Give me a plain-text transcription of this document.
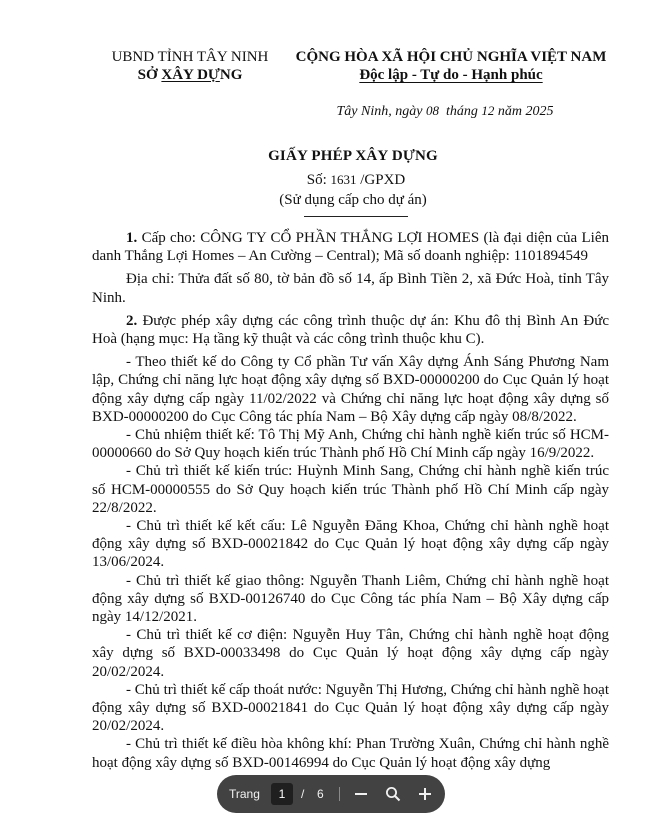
UBND TỈNH TÂY NINH
SỞ XÂY DỰNG
CỘNG HÒA XÃ HỘI CHỦ NGHĨA VIỆT NAM
Độc lập - Tự do - Hạnh phúc
Tây Ninh, ngày 08 tháng 12 năm 2025
GIẤY PHÉP XÂY DỰNG
Số: 1631 /GPXD
(Sử dụng cấp cho dự án)

1. Cấp cho: CÔNG TY CỔ PHẦN THẮNG LỢI HOMES (là đại diện của Liên danh Thắng Lợi Homes – An Cường – Central); Mã số doanh nghiệp: 1101894549

Địa chỉ: Thửa đất số 80, tờ bản đồ số 14, ấp Bình Tiền 2, xã Đức Hoà, tỉnh Tây Ninh.

2. Được phép xây dựng các công trình thuộc dự án: Khu đô thị Bình An Đức Hoà (hạng mục: Hạ tầng kỹ thuật và các công trình thuộc khu C).

- Theo thiết kế do Công ty Cổ phần Tư vấn Xây dựng Ánh Sáng Phương Nam lập, Chứng chỉ năng lực hoạt động xây dựng số BXD-00000200 do Cục Quản lý hoạt động xây dựng cấp ngày 11/02/2022 và Chứng chỉ năng lực hoạt động xây dựng số BXD-00000200 do Cục Công tác phía Nam – Bộ Xây dựng cấp ngày 08/8/2022.

- Chủ nhiệm thiết kế: Tô Thị Mỹ Anh, Chứng chỉ hành nghề kiến trúc số HCM-00000660 do Sở Quy hoạch kiến trúc Thành phố Hồ Chí Minh cấp ngày 16/9/2022.

- Chủ trì thiết kế kiến trúc: Huỳnh Minh Sang, Chứng chỉ hành nghề kiến trúc số HCM-00000555 do Sở Quy hoạch kiến trúc Thành phố Hồ Chí Minh cấp ngày 22/8/2022.

- Chủ trì thiết kế kết cấu: Lê Nguyễn Đăng Khoa, Chứng chỉ hành nghề hoạt động xây dựng số BXD-00021842 do Cục Quản lý hoạt động xây dựng cấp ngày 13/06/2024.

- Chủ trì thiết kế giao thông: Nguyễn Thanh Liêm, Chứng chỉ hành nghề hoạt động xây dựng số BXD-00126740 do Cục Công tác phía Nam – Bộ Xây dựng cấp ngày 14/12/2021.

- Chủ trì thiết kế cơ điện: Nguyễn Huy Tân, Chứng chỉ hành nghề hoạt động xây dựng số BXD-00033498 do Cục Quản lý hoạt động xây dựng cấp ngày 20/02/2024.

- Chủ trì thiết kế cấp thoát nước: Nguyễn Thị Hương, Chứng chỉ hành nghề hoạt động xây dựng số BXD-00021841 do Cục Quản lý hoạt động xây dựng cấp ngày 20/02/2024.

- Chủ trì thiết kế điều hòa không khí: Phan Trường Xuân, Chứng chỉ hành nghề hoạt động xây dựng số BXD-00146994 do Cục Quản lý hoạt động xây dựng

Trang	1	/ 6
